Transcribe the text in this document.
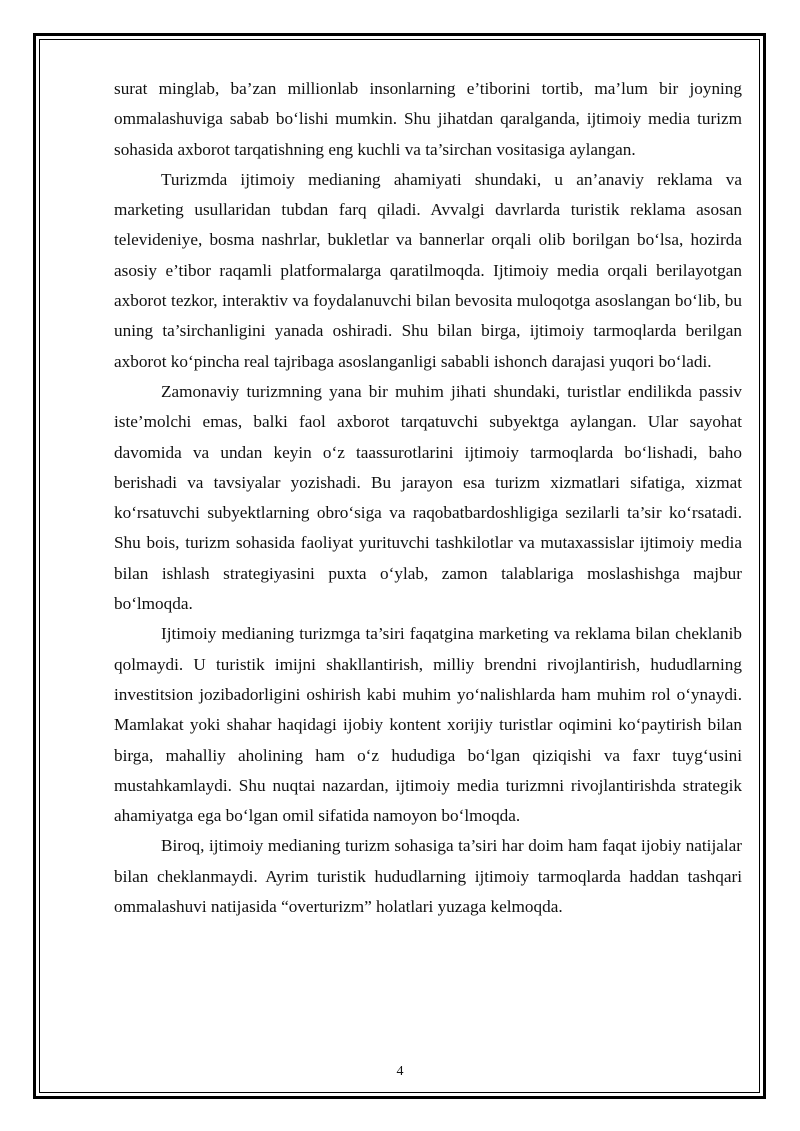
surat minglab, ba’zan millionlab insonlarning e’tiborini tortib, ma’lum bir joyning ommalashuviga sabab bo‘lishi mumkin. Shu jihatdan qaralganda, ijtimoiy media turizm sohasida axborot tarqatishning eng kuchli va ta’sirchan vositasiga aylangan.

Turizmda ijtimoiy medianing ahamiyati shundaki, u an’anaviy reklama va marketing usullaridan tubdan farq qiladi. Avvalgi davrlarda turistik reklama asosan televideniye, bosma nashrlar, bukletlar va bannerlar orqali olib borilgan bo‘lsa, hozirda asosiy e’tibor raqamli platformalarga qaratilmoqda. Ijtimoiy media orqali berilayotgan axborot tezkor, interaktiv va foydalanuvchi bilan bevosita muloqotga asoslangan bo‘lib, bu uning ta’sirchanligini yanada oshiradi. Shu bilan birga, ijtimoiy tarmoqlarda berilgan axborot ko‘pincha real tajribaga asoslanganligi sababli ishonch darajasi yuqori bo‘ladi.

Zamonaviy turizmning yana bir muhim jihati shundaki, turistlar endilikda passiv iste’molchi emas, balki faol axborot tarqatuvchi subyektga aylangan. Ular sayohat davomida va undan keyin o‘z taassurotlarini ijtimoiy tarmoqlarda bo‘lishadi, baho berishadi va tavsiyalar yozishadi. Bu jarayon esa turizm xizmatlari sifatiga, xizmat ko‘rsatuvchi subyektlarning obro‘siga va raqobatbardoshligiga sezilarli ta’sir ko‘rsatadi. Shu bois, turizm sohasida faoliyat yurituvchi tashkilotlar va mutaxassislar ijtimoiy media bilan ishlash strategiyasini puxta o‘ylab, zamon talablariga moslashishga majbur bo‘lmoqda.

Ijtimoiy medianing turizmga ta’siri faqatgina marketing va reklama bilan cheklanib qolmaydi. U turistik imijni shakllantirish, milliy brendni rivojlantirish, hududlarning investitsion jozibadorligini oshirish kabi muhim yo‘nalishlarda ham muhim rol o‘ynaydi. Mamlakat yoki shahar haqidagi ijobiy kontent xorijiy turistlar oqimini ko‘paytirish bilan birga, mahalliy aholining ham o‘z hududiga bo‘lgan qiziqishi va faxr tuyg‘usini mustahkamlaydi. Shu nuqtai nazardan, ijtimoiy media turizmni rivojlantirishda strategik ahamiyatga ega bo‘lgan omil sifatida namoyon bo‘lmoqda.

Biroq, ijtimoiy medianing turizm sohasiga ta’siri har doim ham faqat ijobiy natijalar bilan cheklanmaydi. Ayrim turistik hududlarning ijtimoiy tarmoqlarda haddan tashqari ommalashuvi natijasida “overturizm” holatlari yuzaga kelmoqda.

4
